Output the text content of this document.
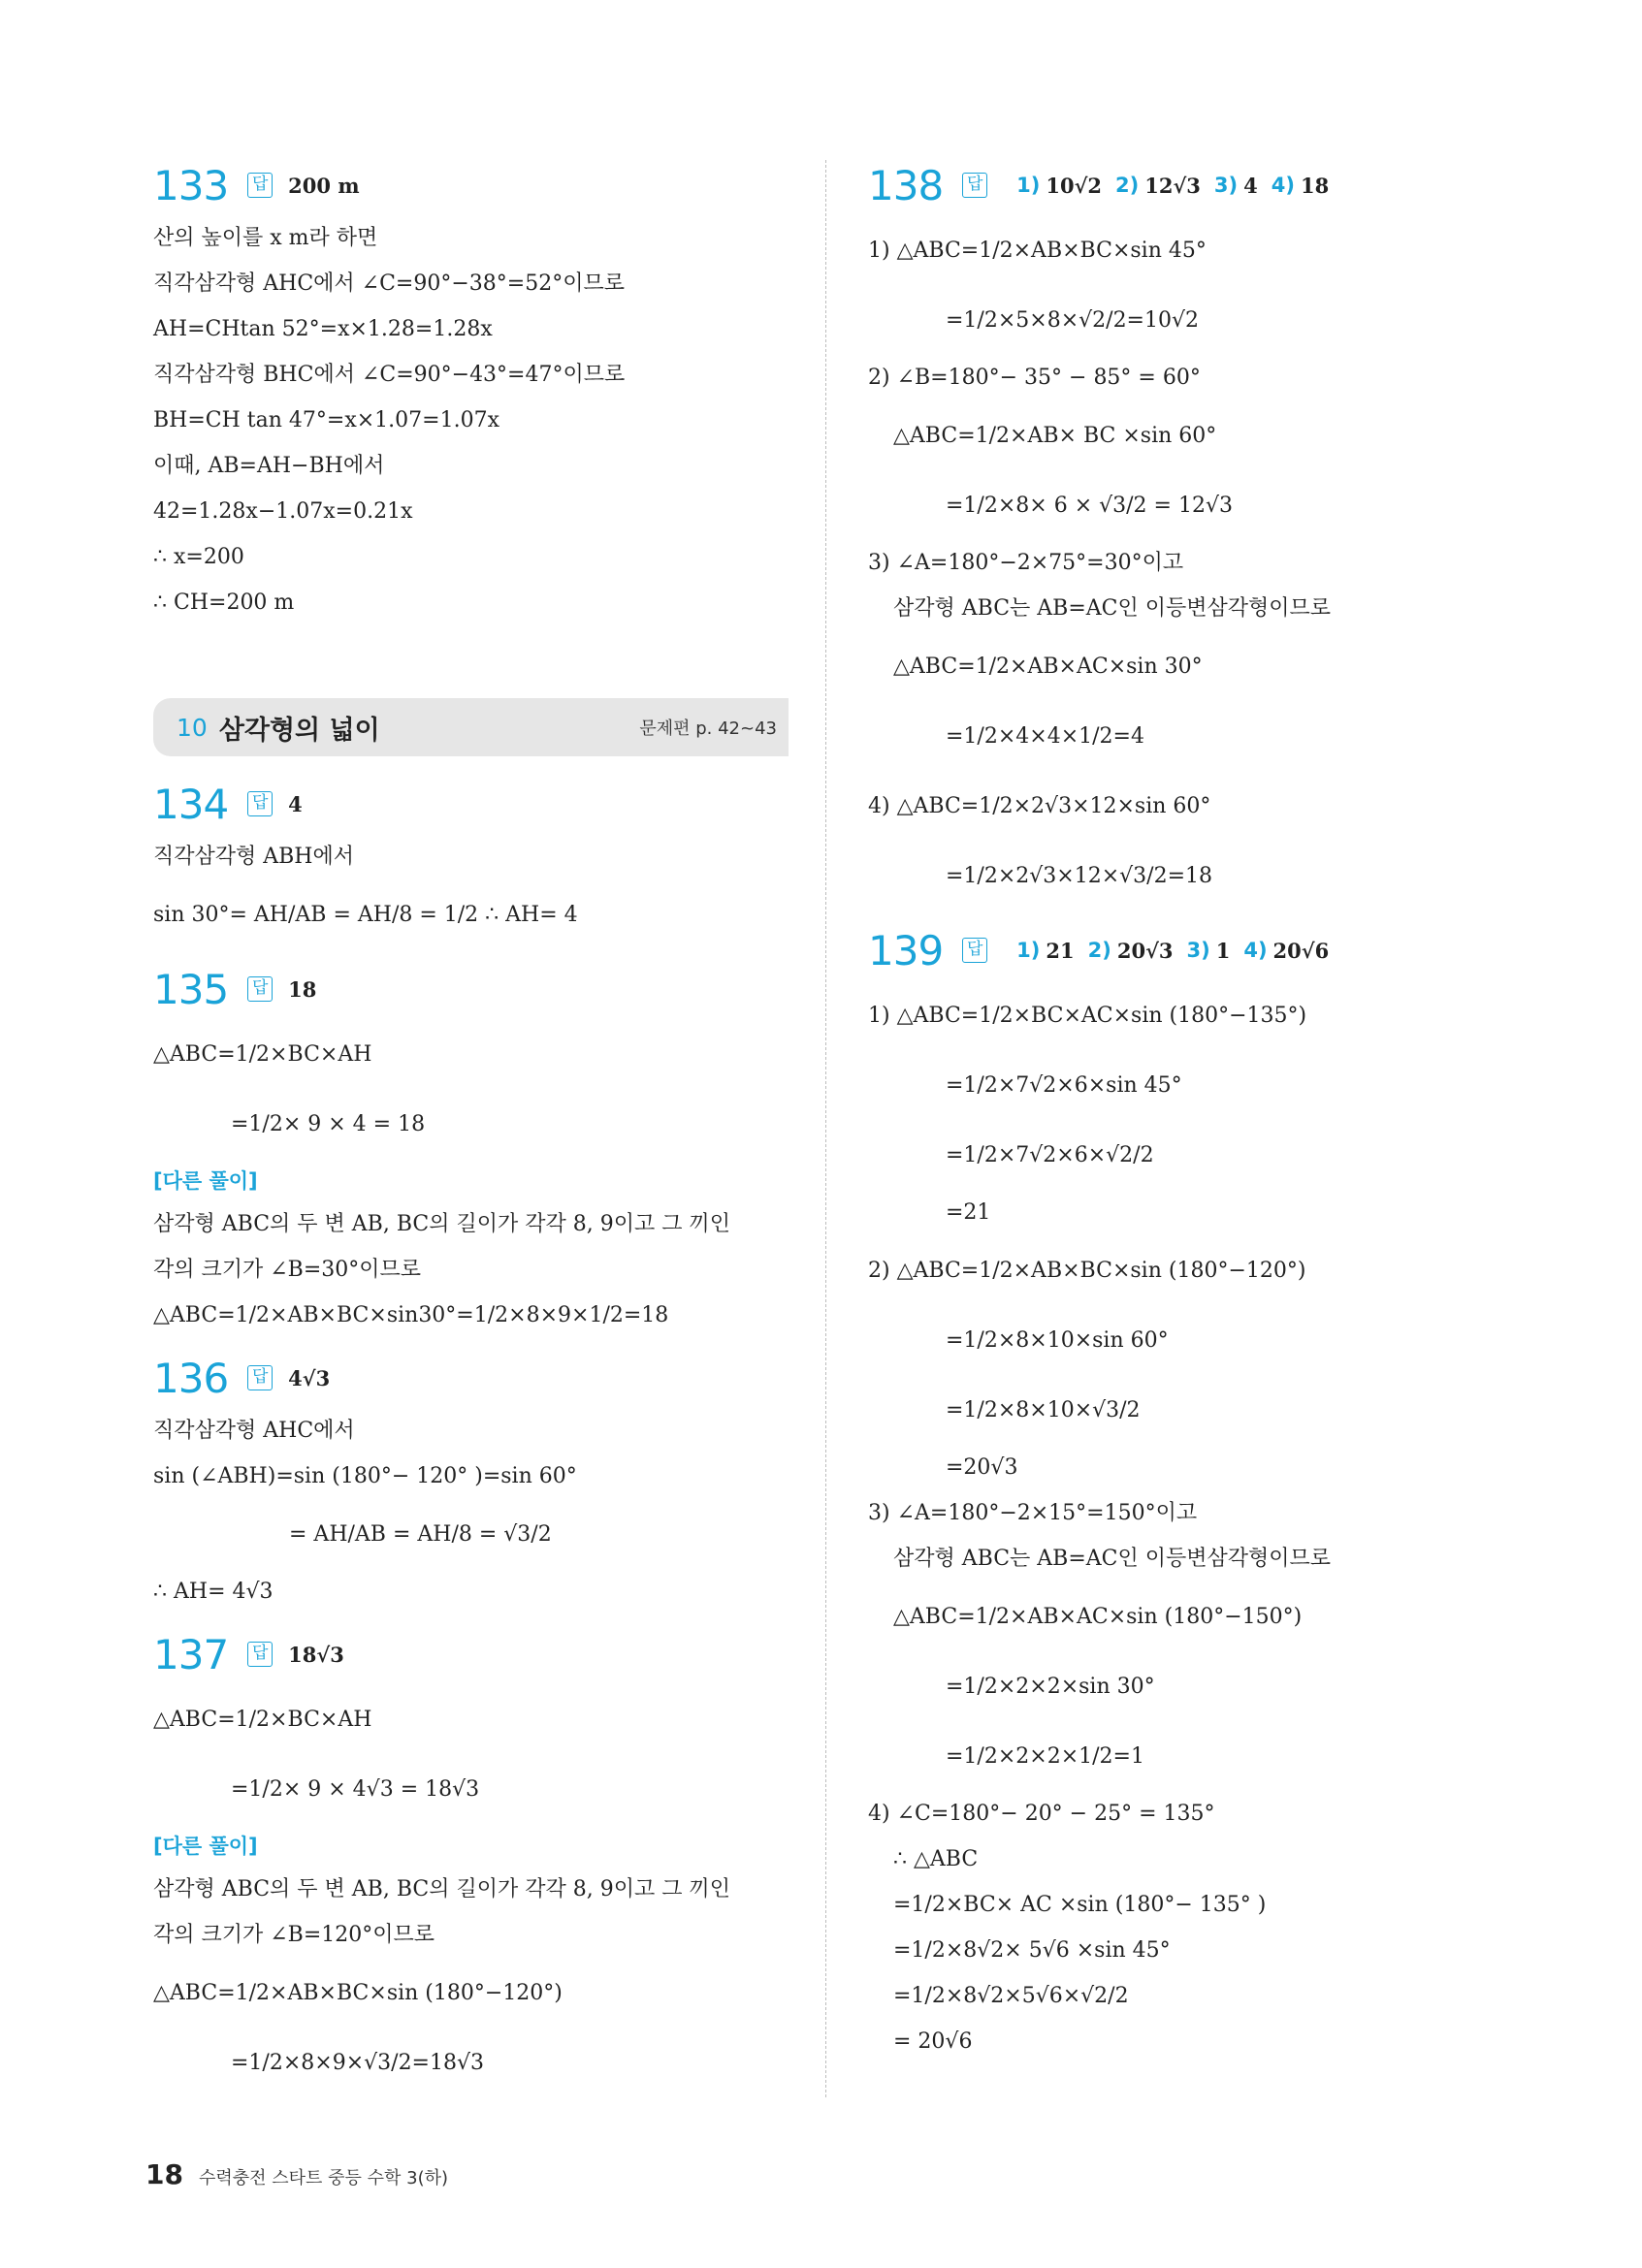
133 답 200 m
산의 높이를 x m라 하면
직각삼각형 AHC에서 ∠C=90°−38°=52°이므로
AH=CHtan 52°=x×1.28=1.28x
직각삼각형 BHC에서 ∠C=90°−43°=47°이므로
BH=CH tan 47°=x×1.07=1.07x
이때, AB=AH−BH에서
42=1.28x−1.07x=0.21x
∴ x=200
∴ CH=200 m
10 삼각형의 넓이	문제편 p. 42~43
134 답 4
직각삼각형 ABH에서
sin 30°= AH/AB = AH/8 = 1/2 ∴ AH= 4
135 답 18
△ABC=1/2×BC×AH
=1/2× 9 × 4 = 18
[다른 풀이]
삼각형 ABC의 두 변 AB, BC의 길이가 각각 8, 9이고 그 끼인
각의 크기가 ∠B=30°이므로
△ABC=1/2×AB×BC×sin30°=1/2×8×9×1/2=18
136 답 4√3
직각삼각형 AHC에서
sin (∠ABH)=sin (180°− 120° )=sin 60°
= AH/AB = AH/8 = √3/2
∴ AH= 4√3
137 답 18√3
△ABC=1/2×BC×AH
=1/2× 9 × 4√3 = 18√3
[다른 풀이]
삼각형 ABC의 두 변 AB, BC의 길이가 각각 8, 9이고 그 끼인
각의 크기가 ∠B=120°이므로
△ABC=1/2×AB×BC×sin (180°−120°)
=1/2×8×9×√3/2=18√3
138 답 1) 10√2 2) 12√3 3) 4 4) 18
1) △ABC=1/2×AB×BC×sin 45°
=1/2×5×8×√2/2=10√2
2) ∠B=180°− 35° − 85° = 60°
△ABC=1/2×AB× BC ×sin 60°
=1/2×8× 6 × √3/2 = 12√3
3) ∠A=180°−2×75°=30°이고
삼각형 ABC는 AB=AC인 이등변삼각형이므로
△ABC=1/2×AB×AC×sin 30°
=1/2×4×4×1/2=4
4) △ABC=1/2×2√3×12×sin 60°
=1/2×2√3×12×√3/2=18
139 답 1) 21 2) 20√3 3) 1 4) 20√6
1) △ABC=1/2×BC×AC×sin (180°−135°)
=1/2×7√2×6×sin 45°
=1/2×7√2×6×√2/2
=21
2) △ABC=1/2×AB×BC×sin (180°−120°)
=1/2×8×10×sin 60°
=1/2×8×10×√3/2
=20√3
3) ∠A=180°−2×15°=150°이고
삼각형 ABC는 AB=AC인 이등변삼각형이므로
△ABC=1/2×AB×AC×sin (180°−150°)
=1/2×2×2×sin 30°
=1/2×2×2×1/2=1
4) ∠C=180°− 20° − 25° = 135°
∴ △ABC
=1/2×BC× AC ×sin (180°− 135° )
=1/2×8√2× 5√6 ×sin 45°
=1/2×8√2×5√6×√2/2
= 20√6
18 수력충전 스타트 중등 수학 3(하)
